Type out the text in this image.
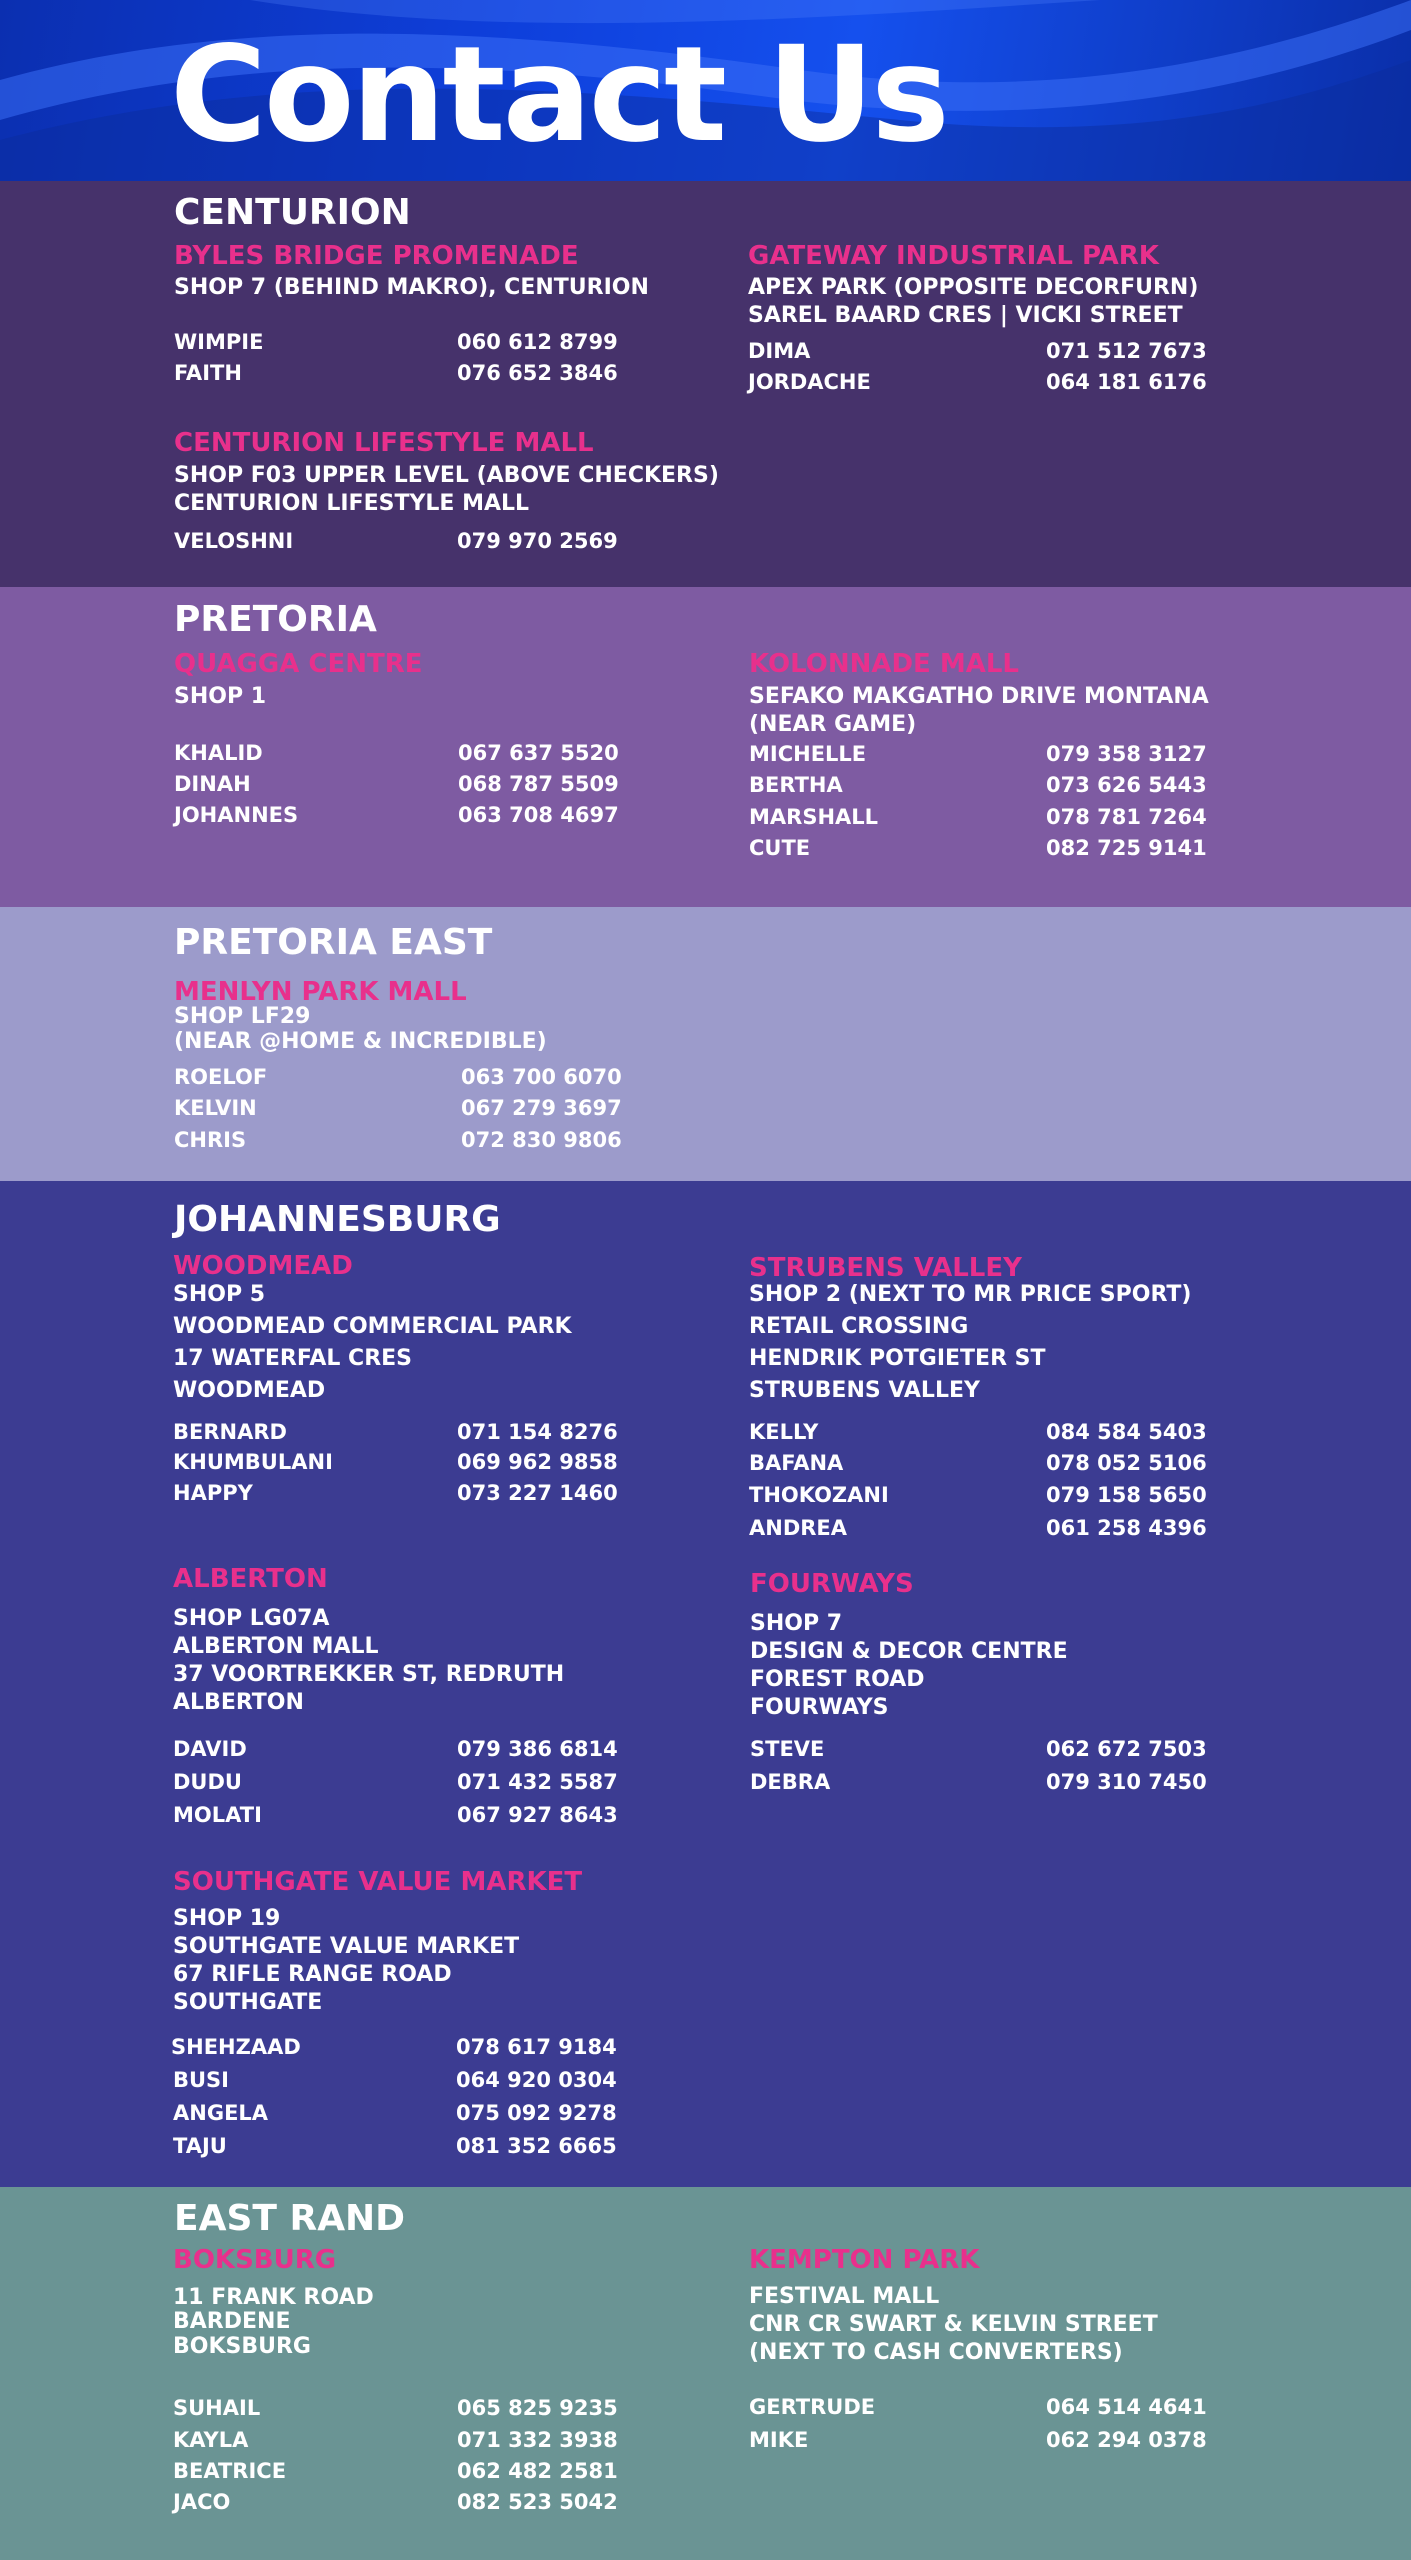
Contact Us
CENTURION
BYLES BRIDGE PROMENADE
SHOP 7 (BEHIND MAKRO), CENTURION
WIMPIE	060 612 8799
FAITH	076 652 3846
GATEWAY INDUSTRIAL PARK
APEX PARK (OPPOSITE DECORFURN)
SAREL BAARD CRES | VICKI STREET
DIMA	071 512 7673
JORDACHE	064 181 6176
CENTURION LIFESTYLE MALL
SHOP F03 UPPER LEVEL (ABOVE CHECKERS)
CENTURION LIFESTYLE MALL
VELOSHNI	079 970 2569
PRETORIA
QUAGGA CENTRE
SHOP 1
KHALID	067 637 5520
DINAH	068 787 5509
JOHANNES	063 708 4697
KOLONNADE MALL
SEFAKO MAKGATHO DRIVE MONTANA
(NEAR GAME)
MICHELLE	079 358 3127
BERTHA	073 626 5443
MARSHALL	078 781 7264
CUTE	082 725 9141
PRETORIA EAST
MENLYN PARK MALL
SHOP LF29
(NEAR @HOME & INCREDIBLE)
ROELOF	063 700 6070
KELVIN	067 279 3697
CHRIS	072 830 9806
JOHANNESBURG
WOODMEAD
SHOP 5
WOODMEAD COMMERCIAL PARK
17 WATERFAL CRES
WOODMEAD
BERNARD	071 154 8276
KHUMBULANI	069 962 9858
HAPPY	073 227 1460
STRUBENS VALLEY
SHOP 2 (NEXT TO MR PRICE SPORT)
RETAIL CROSSING
HENDRIK POTGIETER ST
STRUBENS VALLEY
KELLY	084 584 5403
BAFANA	078 052 5106
THOKOZANI	079 158 5650
ANDREA	061 258 4396
ALBERTON
SHOP LG07A
ALBERTON MALL
37 VOORTREKKER ST, REDRUTH
ALBERTON
DAVID	079 386 6814
DUDU	071 432 5587
MOLATI	067 927 8643
FOURWAYS
SHOP 7
DESIGN & DECOR CENTRE
FOREST ROAD
FOURWAYS
STEVE	062 672 7503
DEBRA	079 310 7450
SOUTHGATE VALUE MARKET
SHOP 19
SOUTHGATE VALUE MARKET
67 RIFLE RANGE ROAD
SOUTHGATE
SHEHZAAD	078 617 9184
BUSI	064 920 0304
ANGELA	075 092 9278
TAJU	081 352 6665
EAST RAND
BOKSBURG
11 FRANK ROAD
BARDENE
BOKSBURG
SUHAIL	065 825 9235
KAYLA	071 332 3938
BEATRICE	062 482 2581
JACO	082 523 5042
KEMPTON PARK
FESTIVAL MALL
CNR CR SWART & KELVIN STREET
(NEXT TO CASH CONVERTERS)
GERTRUDE	064 514 4641
MIKE	062 294 0378
